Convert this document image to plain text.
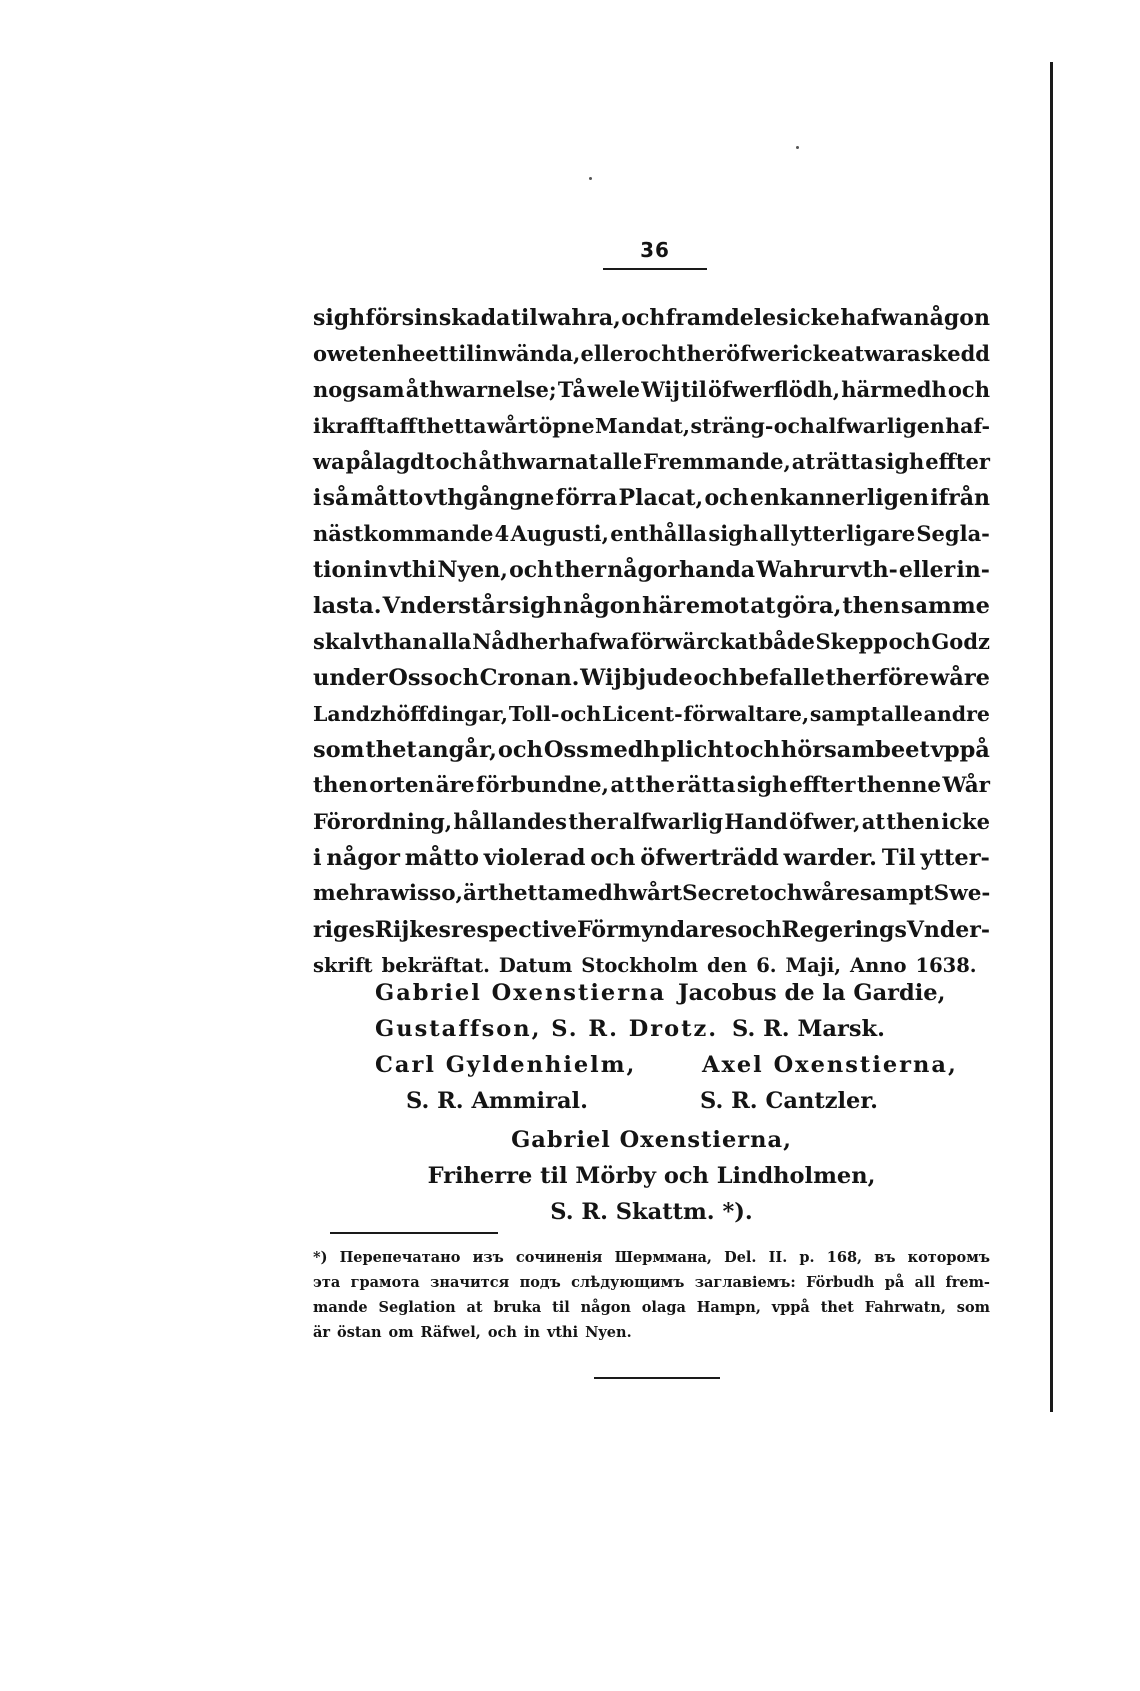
36
sigh för sin skada til wahra, och framdeles icke hafwa någon
owetenheet til inwända, eller och theröfwer icke at wara skedd
nogsam åthwarnelse; Tå wele Wij til öfwerflödh, härmedh och
i krafft aff thetta wårt öpne Mandat, sträng- och alfwarligen haf-
wa pålagdt och åthwarnat alle Fremmande, at rätta sigh effter
i så måtto vthgångne förra Placat, och enkannerligen ifrån
nästkommande 4 Augusti, enthålla sigh all ytterligare Segla-
tion in vthi Nyen, och ther någorhanda Wahrur vth- eller in-
lasta. Vnderstår sigh någon här emot at göra, then samme
skal vthan alla Nådher hafwa förwärckat både Skepp och Godz
under Oss och Cronan. Wij bjude och befalle therföre wåre
Landzhöffdingar, Toll- och Licent- förwaltare, sampt alle andre
som thet angår, och Oss medh plicht och hörsambeet vppå
then orten äre förbundne, at the rätta sigh effter thenne Wår
Förordning, hållandes ther alfwarlig Hand öfwer, at then icke
i någor måtto violerad och öfwerträdd warder. Til ytter-
mehra wisso, är thetta medh wårt Secret och wåre sampt Swe-
riges Rijkes respective Förmyndares och Regerings Vnder-
skrift bekräftat. Datum Stockholm den 6. Maji, Anno 1638.
Gabriel Oxenstierna Jacobus de la Gardie,
Gustaffson, S. R. Drotz. S. R. Marsk.
Carl Gyldenhielm,	Axel Oxenstierna,
S. R. Ammiral.	S. R. Cantzler.
Gabriel Oxenstierna,
Friherre til Mörby och Lindholmen,
S. R. Skattm. *).
*) Перепечатано изъ сочиненія Шерммана, Del. II. p. 168, въ которомъ
эта грамота значится подъ слѣдующимъ заглавіемъ: Förbudh på all frem-
mande Seglation at bruka til någon olaga Hampn, vppå thet Fahrwatn, som
är östan om Räfwel, och in vthi Nyen.
